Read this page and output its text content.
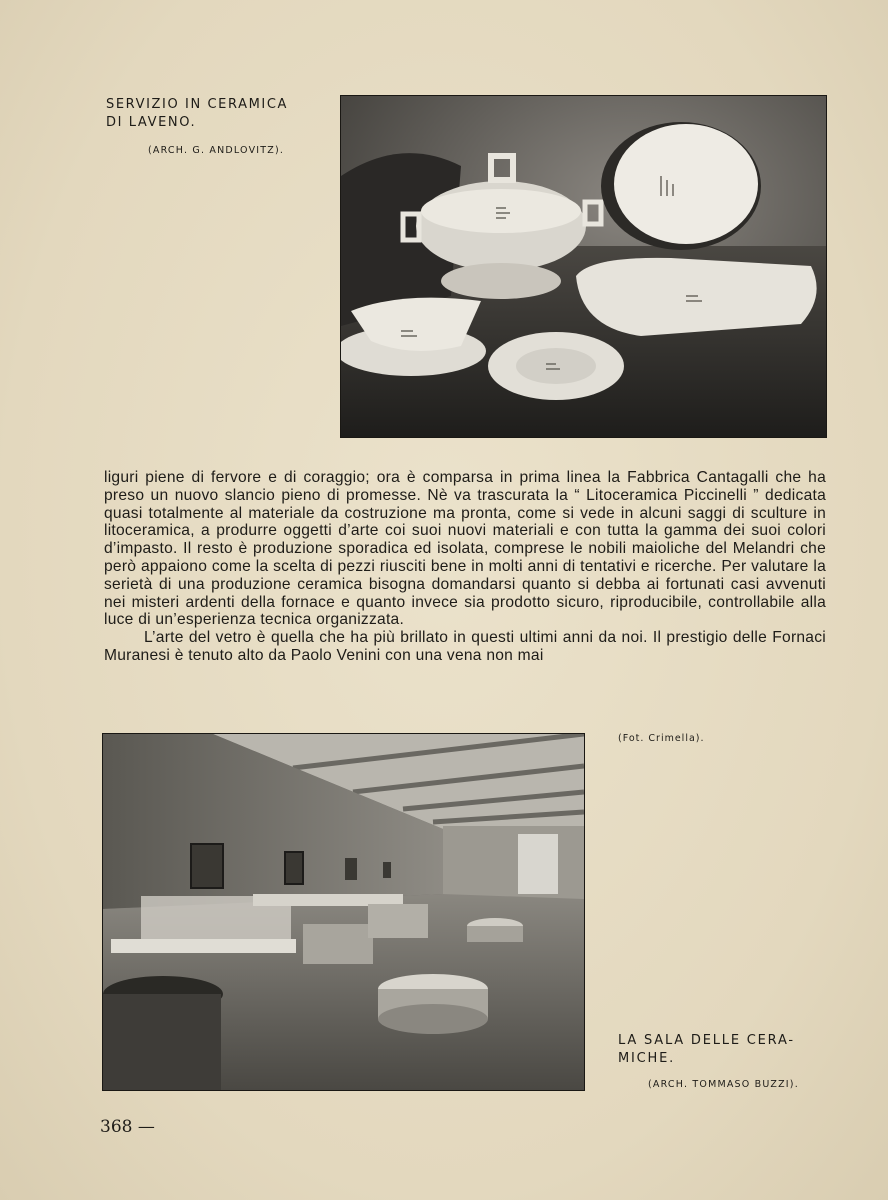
SERVIZIO IN CERAMICA
DI LAVENO.
(ARCH. G. ANDLOVITZ).

liguri piene di fervore e di coraggio; ora è comparsa in prima linea la Fabbrica Cantagalli che ha preso un nuovo slancio pieno di promesse. Nè va trascurata la “ Litoceramica Piccinelli ” dedicata quasi totalmente al materiale da costruzione ma pronta, come si vede in alcuni saggi di sculture in litoceramica, a produrre oggetti d’arte coi suoi nuovi materiali e con tutta la gamma dei suoi colori d’impasto. Il resto è produzione sporadica ed isolata, comprese le nobili maioliche del Melandri che però appaiono come la scelta di pezzi riusciti bene in molti anni di tentativi e ricerche. Per valutare la serietà di una produzione ceramica bisogna domandarsi quanto si debba ai fortunati casi avvenuti nei misteri ardenti della fornace e quanto invece sia prodotto sicuro, riproducibile, controllabile alla luce di un’esperienza tecnica organizzata.

L’arte del vetro è quella che ha più brillato in questi ultimi anni da noi. Il prestigio delle Fornaci Muranesi è tenuto alto da Paolo Venini con una vena non mai

(Fot. Crimella).
LA SALA DELLE CERA-
MICHE.
(ARCH. TOMMASO BUZZI).
368 —
